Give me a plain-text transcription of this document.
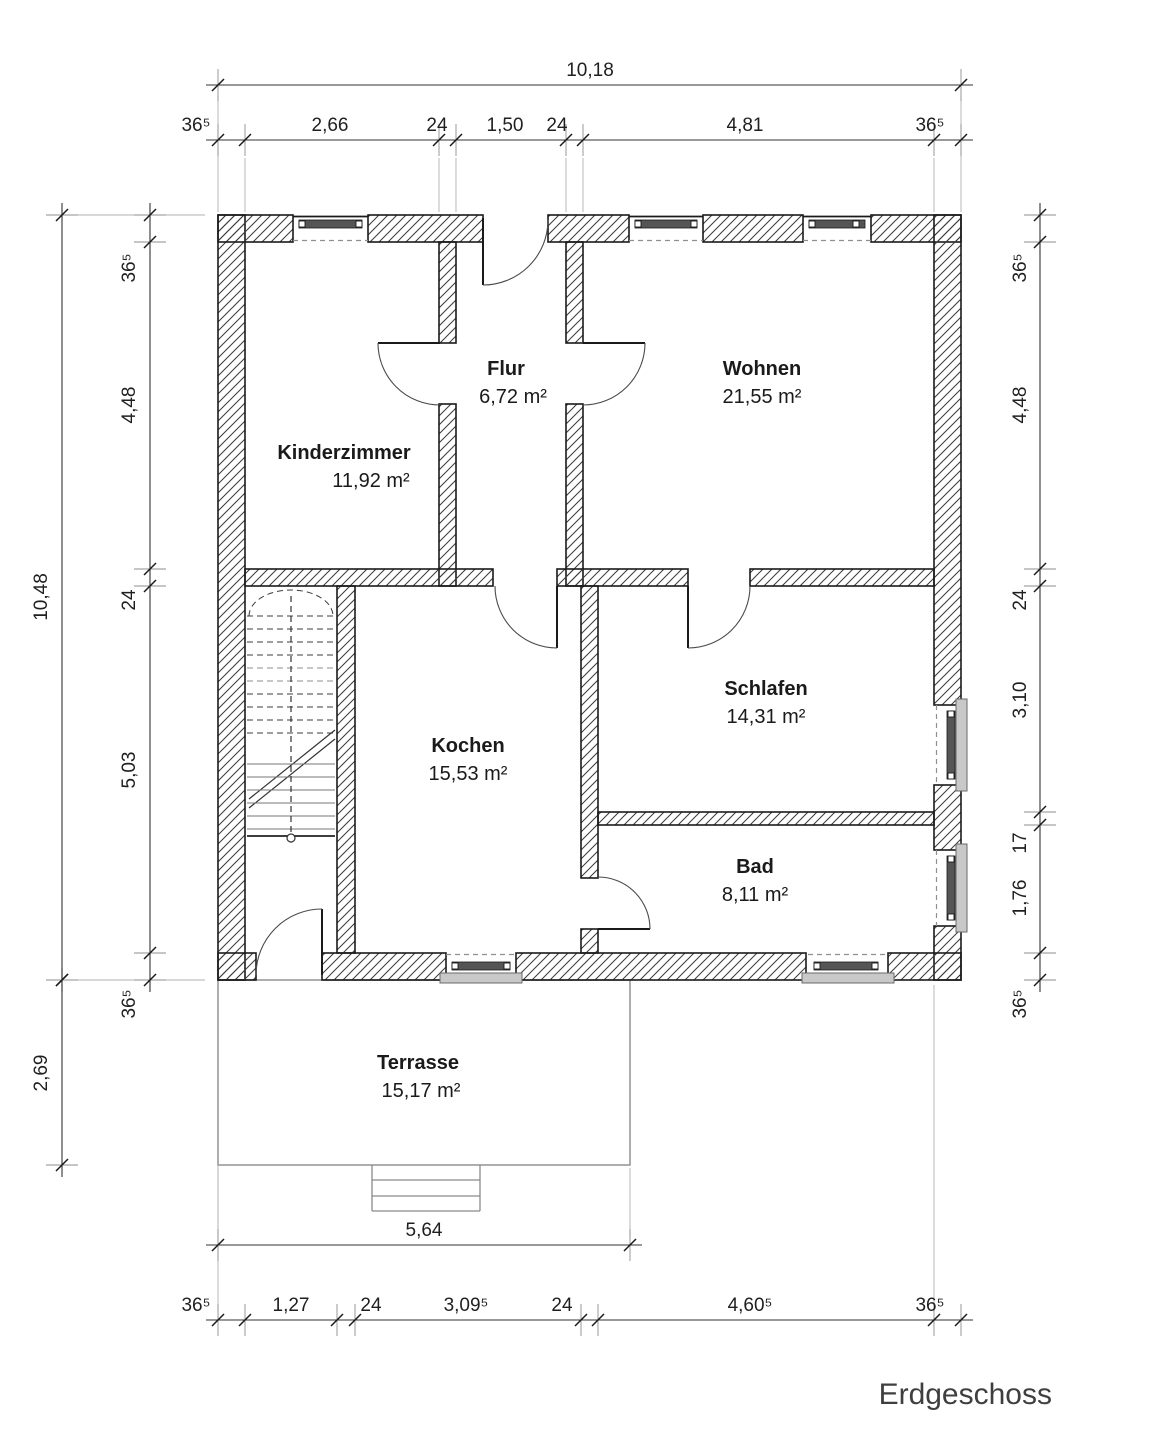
Kinderzimmer
11,92 m²
Flur
6,72 m²
Wohnen
21,55 m²
Kochen
15,53 m²
Schlafen
14,31 m²
Bad
8,11 m²
Terrasse
15,17 m²
10,18
36⁵	2,66	24 1,50 24	4,81	36⁵
10,48
2,69
36⁵
4,48
24
5,03
36⁵
36⁵
4,48
24
3,10
17
1,76
36⁵
5,64
36⁵	1,27	24	3,09⁵	24	4,60⁵	36⁵
Erdgeschoss
